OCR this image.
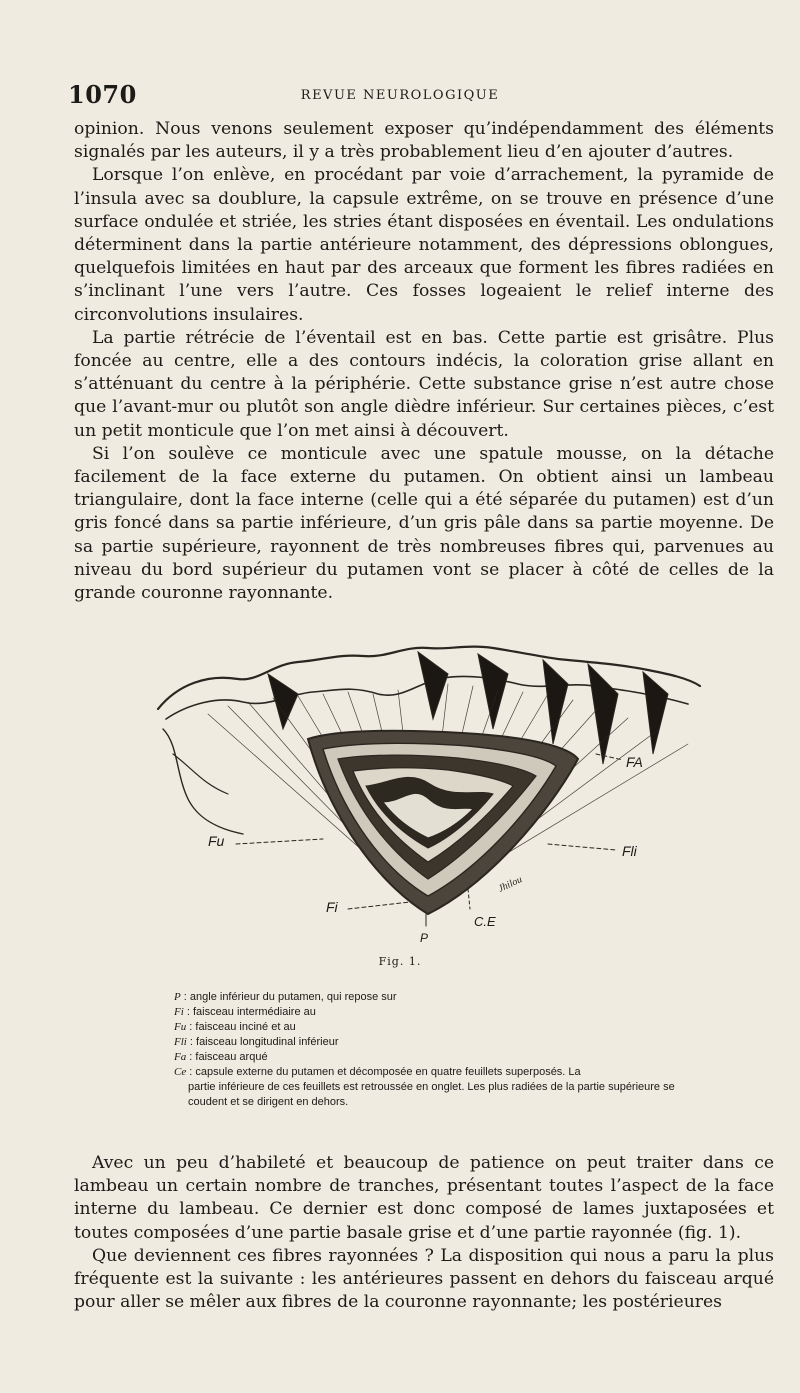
1070	REVUE NEUROLOGIQUE

opinion. Nous venons seulement exposer qu’indépendamment des éléments signalés par les auteurs, il y a très probablement lieu d’en ajouter d’autres.

Lorsque l’on enlève, en procédant par voie d’arrachement, la pyramide de l’insula avec sa doublure, la capsule extrême, on se trouve en présence d’une surface ondulée et striée, les stries étant disposées en éventail. Les ondulations déterminent dans la partie antérieure notamment, des dépressions oblongues, quelquefois limitées en haut par des arceaux que forment les fibres radiées en s’inclinant l’une vers l’autre. Ces fosses logeaient le relief interne des circonvolutions insulaires.

La partie rétrécie de l’éventail est en bas. Cette partie est grisâtre. Plus foncée au centre, elle a des contours indécis, la coloration grise allant en s’atténuant du centre à la périphérie. Cette substance grise n’est autre chose que l’avant-mur ou plutôt son angle dièdre inférieur. Sur certaines pièces, c’est un petit monticule que l’on met ainsi à découvert.

Si l’on soulève ce monticule avec une spatule mousse, on la détache facilement de la face externe du putamen. On obtient ainsi un lambeau triangulaire, dont la face interne (celle qui a été séparée du putamen) est d’un gris foncé dans sa partie inférieure, d’un gris pâle dans sa partie moyenne. De sa partie supérieure, rayonnent de très nombreuses fibres qui, parvenues au niveau du bord supérieur du putamen vont se placer à côté de celles de la grande couronne rayonnante.

FA
Fu
Fli
Fi
C.E
P
Jhilou
Fig. 1.
P : angle inférieur du putamen, qui repose sur
Fi : faisceau intermédiaire au
Fu : faisceau inciné et au
Fli : faisceau longitudinal inférieur
Fa : faisceau arqué
Ce : capsule externe du putamen et décomposée en quatre feuillets superposés. La
partie inférieure de ces feuillets est retroussée en onglet. Les plus radiées de la partie supérieure se coudent et se dirigent en dehors.

Avec un peu d’habileté et beaucoup de patience on peut traiter dans ce lambeau un certain nombre de tranches, présentant toutes l’aspect de la face interne du lambeau. Ce dernier est donc composé de lames juxtaposées et toutes composées d’une partie basale grise et d’une partie rayonnée (fig. 1).

Que deviennent ces fibres rayonnées ? La disposition qui nous a paru la plus fréquente est la suivante : les antérieures passent en dehors du faisceau arqué pour aller se mêler aux fibres de la couronne rayonnante; les postérieures
